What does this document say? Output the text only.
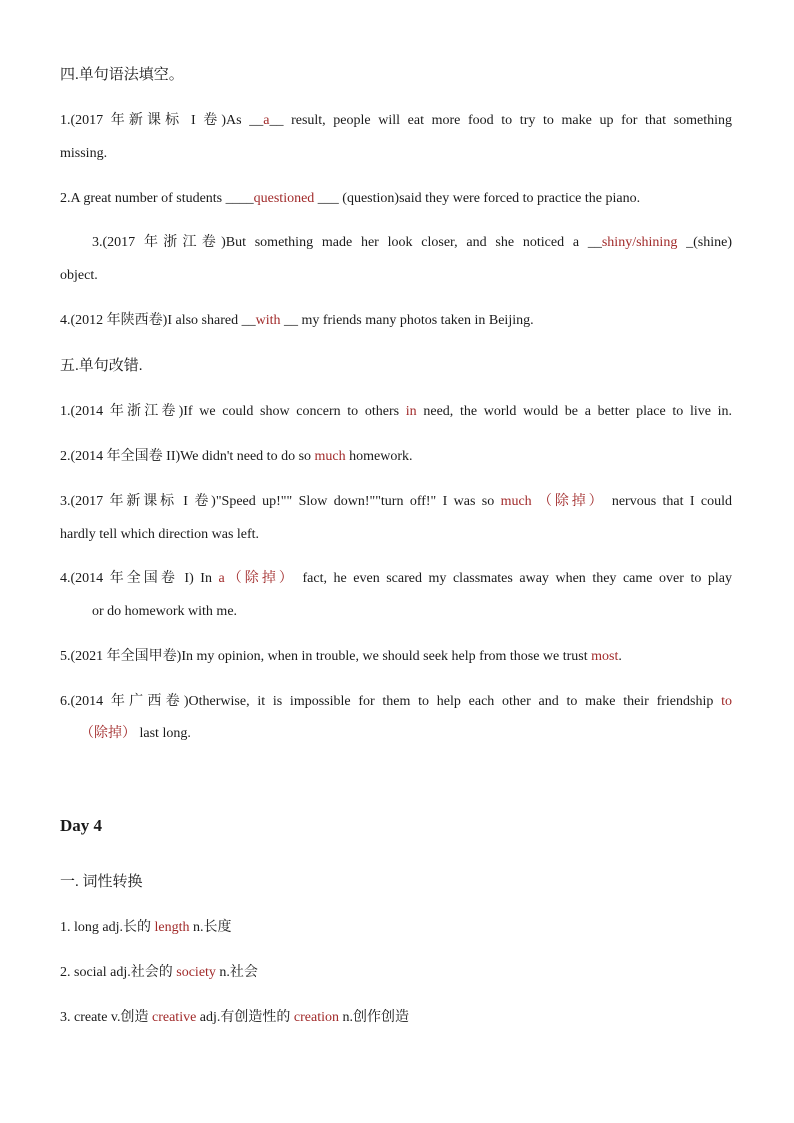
四.单句语法填空。
1.(2017 年新课标 I 卷)As __a__ result, people will eat more food to try to make up for that something
missing.
2.A great number of students ____questioned ___ (question)said they were forced to practice the piano.
3.(2017 年浙江卷)But something made her look closer, and she noticed a __shiny/shining _(shine)
object.
4.(2012 年陕西卷)I also shared __with __ my friends many photos taken in Beijing.
五.单句改错.
1.(2014 年浙江卷)If we could show concern to others in need, the world would be a better place to live in.
2.(2014 年全国卷 II)We didn't need to do so much homework.
3.(2017 年新课标 I 卷)"Speed up!"" Slow down!""turn off!" I was so much （除掉） nervous that I could
hardly tell which direction was left.
4.(2014 年全国卷 I) In a（除掉） fact, he even scared my classmates away when they came over to play
or do homework with me.
5.(2021 年全国甲卷)In my opinion, when in trouble, we should seek help from those we trust most.
6.(2014 年广西卷)Otherwise, it is impossible for them to help each other and to make their friendship to
（除掉） last long.
Day 4
一. 词性转换
1. long adj.长的 length n.长度
2. social adj.社会的 society n.社会
3. create v.创造 creative adj.有创造性的 creation n.创作创造
